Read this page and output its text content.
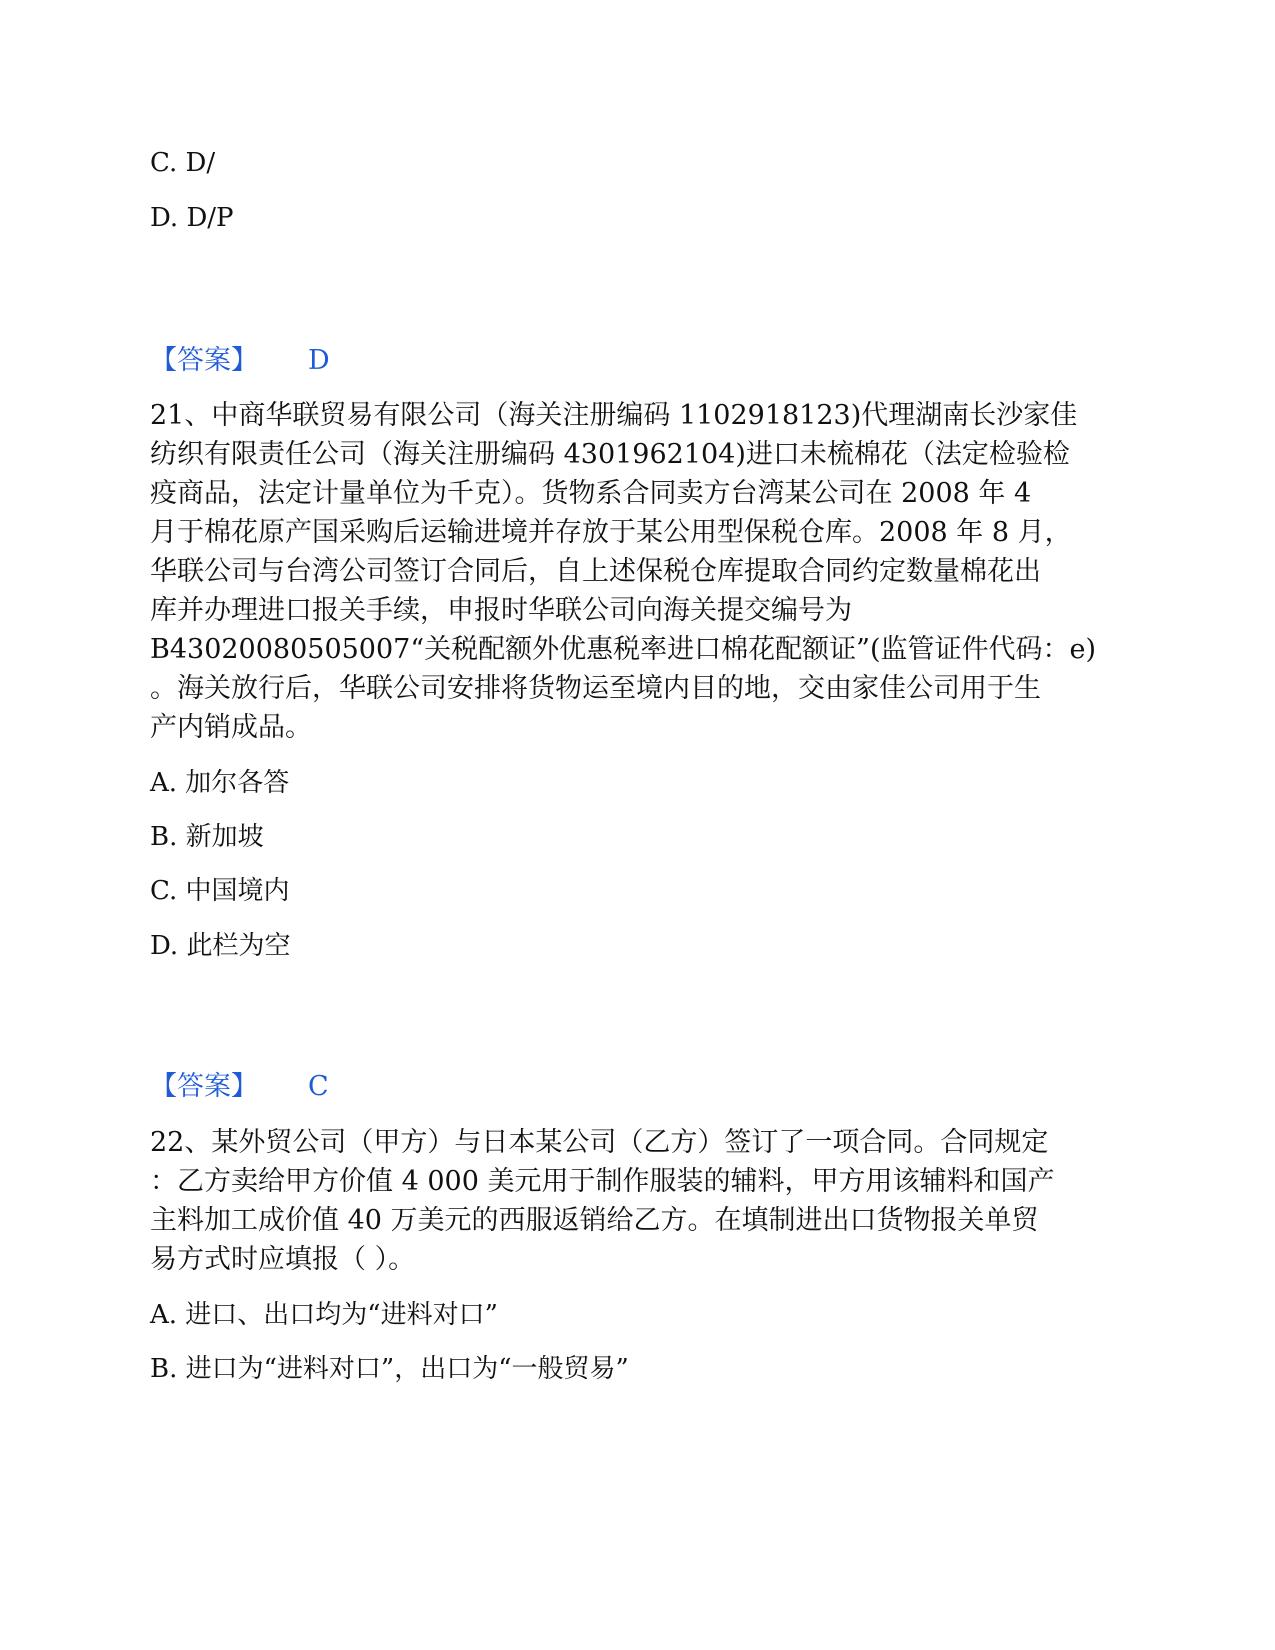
C. D/
D. D/P
【答案】 D
21、中商华联贸易有限公司（海关注册编码 1102918123)代理湖南长沙家佳
纺织有限责任公司（海关注册编码 4301962104)进口未梳棉花（法定检验检
疫商品，法定计量单位为千克）。货物系合同卖方台湾某公司在 2008 年 4
月于棉花原产国采购后运输进境并存放于某公用型保税仓库。2008 年 8 月，
华联公司与台湾公司签订合同后，自上述保税仓库提取合同约定数量棉花出
库并办理进口报关手续，申报时华联公司向海关提交编号为
B43020080505007“关税配额外优惠税率进口棉花配额证”(监管证件代码：e)
。海关放行后，华联公司安排将货物运至境内目的地，交由家佳公司用于生
产内销成品。
A. 加尔各答
B. 新加坡
C. 中国境内
D. 此栏为空
【答案】 C
22、某外贸公司（甲方）与日本某公司（乙方）签订了一项合同。合同规定
：乙方卖给甲方价值 4 000 美元用于制作服装的辅料，甲方用该辅料和国产
主料加工成价值 40 万美元的西服返销给乙方。在填制进出口货物报关单贸
易方式时应填报（ ）。
A. 进口、出口均为“进料对口”
B. 进口为“进料对口”，出口为“一般贸易”
